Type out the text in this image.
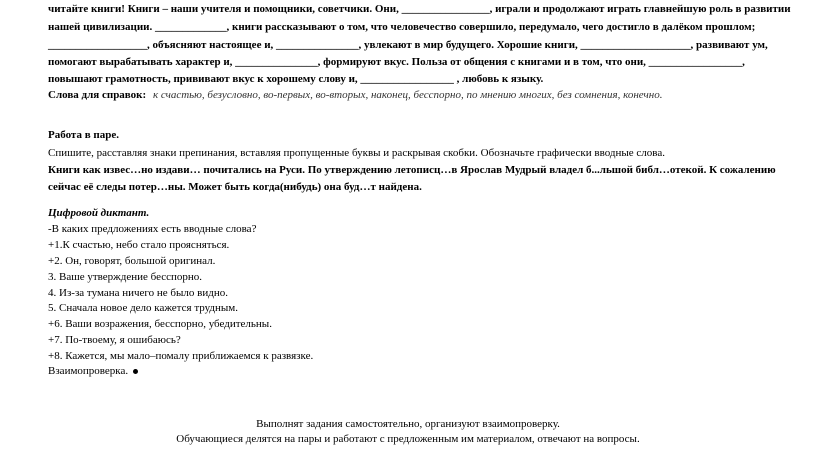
читайте книги! Книги – наши учителя и помощники, советчики. Они, ________________, играли и продолжают играть главнейшую роль в развитии
нашей цивилизации. _____________, книги рассказывают о том, что человечество совершило, передумало, чего достигло в далёком прошлом;
__________________, объясняют настоящее и, _______________, увлекают в мир будущего. Хорошие книги, ____________________, развивают ум,
помогают вырабатывать характер и, _______________, формируют вкус. Польза от общения с книгами и в том, что они, _________________,
повышают грамотность, прививают вкус к хорошему слову и, _________________ , любовь к языку.
Слова для справок: к счастью, безусловно, во-первых, во-вторых, наконец, бесспорно, по мнению многих, без сомнения, конечно.
Работа в паре.
Спишите, расставляя знаки препинания, вставляя пропущенные буквы и раскрывая скобки. Обозначьте графически вводные слова.
Книги как извес…но издави… почитались на Руси. По утверждению летописц…в Ярослав Мудрый владел б...льшой библ…отекой. К сожалению
сейчас её следы потер…ны. Может быть когда(нибудь) она буд…т найдена.
Цифровой диктант.
-В каких предложениях есть вводные слова?
+1.К счастью, небо стало проясняться.
+2. Он, говорят, большой оригинал.
3. Ваше утверждение бесспорно.
4. Из-за тумана ничего не было видно.
5. Сначала новое дело кажется трудным.
+6. Ваши возражения, бесспорно, убедительны.
+7. По-твоему, я ошибаюсь?
+8. Кажется, мы мало–помалу приближаемся к развязке.
Взаимопроверка.
Выполнят задания самостоятельно, организуют взаимопроверку.
Обучающиеся делятся на пары и работают с предложенным им материалом, отвечают на вопросы.
